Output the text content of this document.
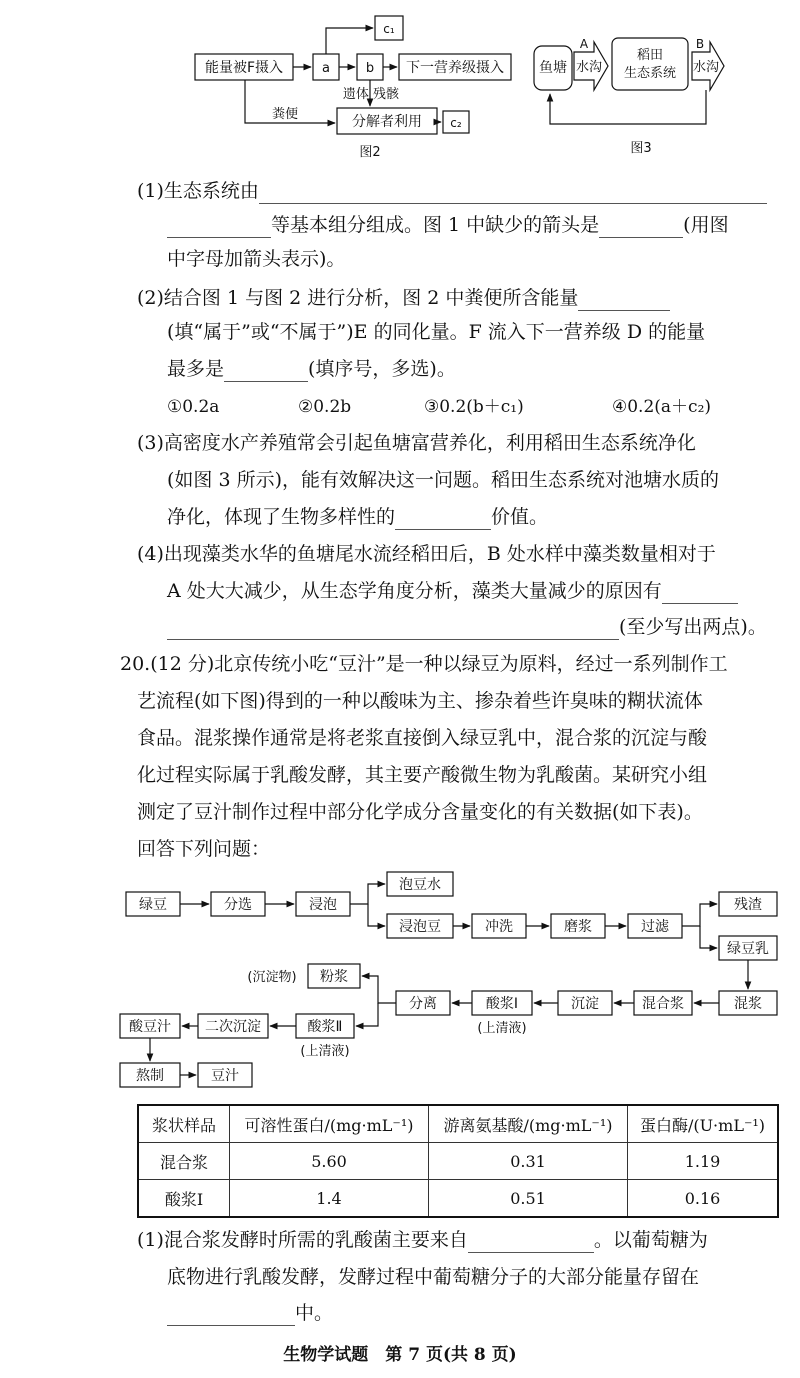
能量被F摄入	a	b
c₁
下一营养级摄入
遗体 残骸
粪便	分解者利用 c₂
图2
鱼塘
A
水沟
稻田
生态系统
B
水沟
图3
(1)生态系统由
等基本组分组成。图 1 中缺少的箭头是	(用图
中字母加箭头表示)。
(2)结合图 1 与图 2 进行分析，图 2 中粪便所含能量
(填“属于”或“不属于”)E 的同化量。F 流入下一营养级 D 的能量
最多是	(填序号，多选)。
①0.2a	②0.2b	③0.2(b＋c₁)	④0.2(a＋c₂)
(3)高密度水产养殖常会引起鱼塘富营养化，利用稻田生态系统净化
(如图 3 所示)，能有效解决这一问题。稻田生态系统对池塘水质的
净化，体现了生物多样性的	价值。
(4)出现藻类水华的鱼塘尾水流经稻田后，B 处水样中藻类数量相对于
A 处大大减少，从生态学角度分析，藻类大量减少的原因有
(至少写出两点)。
20.(12 分)北京传统小吃“豆汁”是一种以绿豆为原料，经过一系列制作工
艺流程(如下图)得到的一种以酸味为主、掺杂着些许臭味的糊状流体
食品。混浆操作通常是将老浆直接倒入绿豆乳中，混合浆的沉淀与酸
化过程实际属于乳酸发酵，其主要产酸微生物为乳酸菌。某研究小组
测定了豆汁制作过程中部分化学成分含量变化的有关数据(如下表)。
回答下列问题：
绿豆	分选	浸泡
泡豆水
浸泡豆	冲洗	磨浆	过滤
残渣
绿豆乳
混浆
混合浆
沉淀
酸浆Ⅰ
分离
粉浆
酸浆Ⅱ
二次沉淀
酸豆汁
熬制	豆汁
(沉淀物)
(上清液)
(上清液)
浆状样品	可溶性蛋白/(mg·mL⁻¹)	游离氨基酸/(mg·mL⁻¹)	蛋白酶/(U·mL⁻¹)
混合浆	5.60	0.31	1.19
酸浆Ⅰ	1.4	0.51	0.16
(1)混合浆发酵时所需的乳酸菌主要来自	。以葡萄糖为
底物进行乳酸发酵，发酵过程中葡萄糖分子的大部分能量存留在
中。
生物学试题　第 7 页(共 8 页)
